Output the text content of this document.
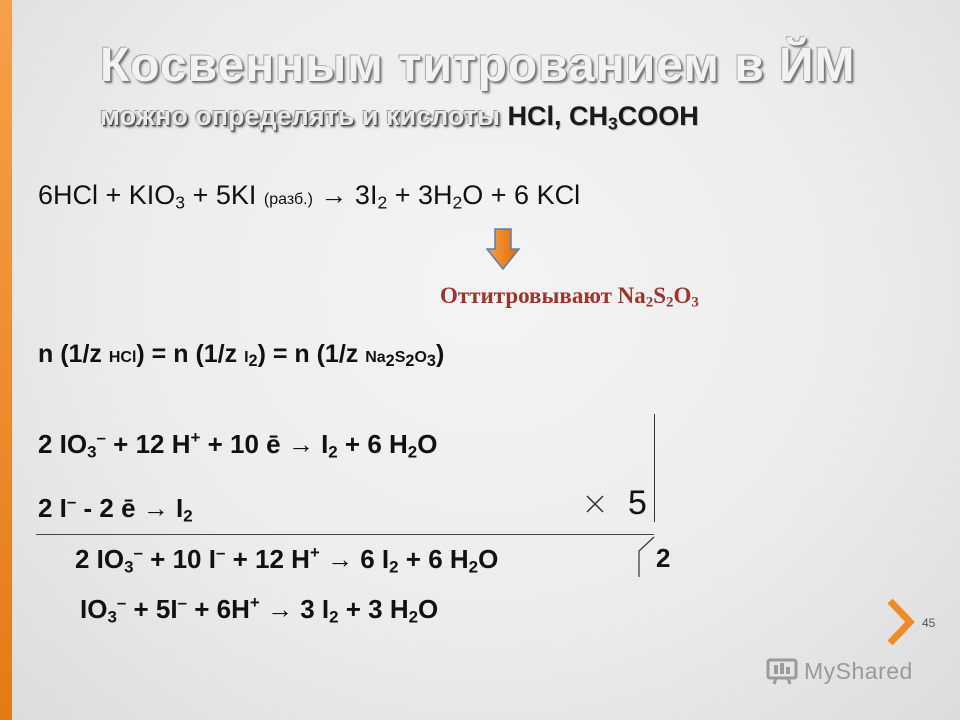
Косвенным титрованием в ЙМ
можно определять и кислоты HCl, $CH_3COOH$
$6HCl + KIO_3 + 5KI$ (разб.) → $3I_2 + 3H_2O + 6$ KCl
Оттитровывают $Na_2S_2O_3$
n (1/z HCl) = n (1/z $I_2) = n$ (1/z $Na_2S_2O_3$)
2 $IO_3^- + 12$ H+ + 10 ē → $I_2 + 6$ $H_2O$
2 I– - 2 ē → $I_2$	5
2 $IO_3^- + 10$ I– + 12 H+ → 6 $I_2 + 6$ $H_2O$	2
$IO_3^- + 5I^- + 6H^+ \to 3$ $I_2 + 3$ $H_2O$	45
MyShared
